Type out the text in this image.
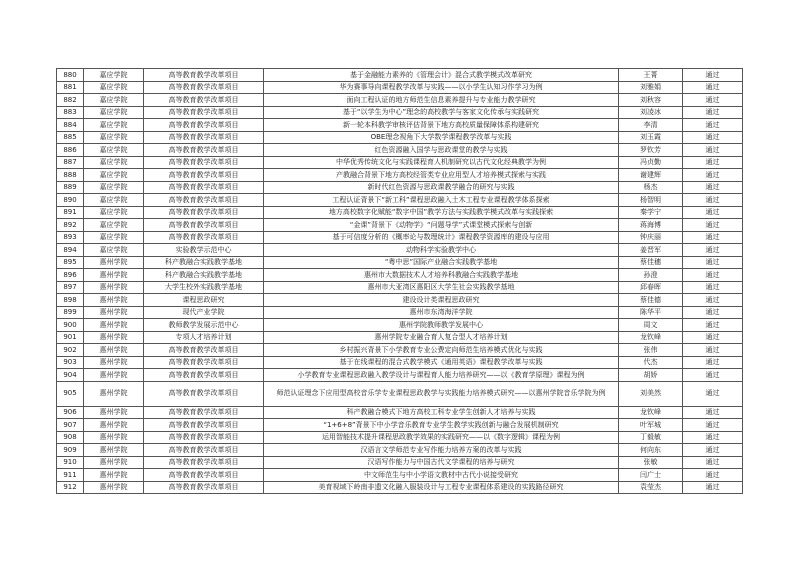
880	嘉应学院	高等教育教学改革项目	基于金融能力素养的《管理会计》混合式教学模式改革研究	王菁	通过
881	嘉应学院	高等教育教学改革项目	华为赛事导向课程教学改革与实践——以小学生认知习作学习为例	刘雅娟	通过
882	嘉应学院	高等教育教学改革项目	面向工程认证的地方师范生信息素养提升与专业能力教学研究	刘秋容	通过
883	嘉应学院	高等教育教学改革项目	基于“以学生为中心”理念的高校教学与客家文化传承与实践研究	刘凌冰	通过
884	嘉应学院	高等教育教学改革项目	新一轮本科教学审核评估背景下地方高校质量保障体系构建研究	李清	通过
885	嘉应学院	高等教育教学改革项目	OBE理念视角下大学数学课程教学改革与实践	刘玉霞	通过
886	嘉应学院	高等教育教学改革项目	红色资源融入国学与思政课堂的教学与实践	罗钦芳	通过
887	嘉应学院	高等教育教学改革项目	中华优秀传统文化与实践课程育人机制研究以古代文化经典教学为例	冯贞勤	通过
888	嘉应学院	高等教育教学改革项目	产教融合背景下地方高校经管类专业应用型人才培养模式探索与实践	谢建辉	通过
889	嘉应学院	高等教育教学改革项目	新时代红色资源与思政课教学融合的研究与实践	杨杰	通过
890	嘉应学院	高等教育教学改革项目	工程认证背景下“新工科”课程思政融入土木工程专业课程教学体系探索	杨智明	通过
891	嘉应学院	高等教育教学改革项目	地方高校数字化赋能“数字中国”教学方法与实践教学模式改革与实践探索	秦学宁	通过
892	嘉应学院	高等教育教学改革项目	“金课”背景下《动物学》“问题导学”式课堂模式探索与创新	蒋海博	通过
893	嘉应学院	高等教育教学改革项目	基于可信度分析的《概率论与数理统计》课程教学资源库的建设与应用	钟庆丽	通过
894	嘉应学院	实验教学示范中心	动物科学实验教学中心	姜晋军	通过
895	惠州学院	科产教融合实践教学基地	“粤中思”国际产业融合实践教学基地	蔡佳穗	通过
896	惠州学院	科产教融合实践教学基地	惠州市大数据技术人才培养科教融合实践教学基地	孙澄	通过
897	惠州学院	大学生校外实践教学基地	惠州市大亚湾区惠阳区大学生社会实践教学基地	邱春晖	通过
898	惠州学院	课程思政研究	建设设计类课程思政研究	蔡佳德	通过
899	惠州学院	现代产业学院	惠州市东湾海洋学院	陈华平	通过
900	惠州学院	教师教学发展示范中心	惠州学院教师教学发展中心	周文	通过
901	惠州学院	专项人才培养计划	惠州学院专业融合育人复合型人才培养计划	龙钦峰	通过
902	惠州学院	高等教育教学改革项目	乡村振兴背景下小学教育专业公费定向师范生培养模式优化与实践	张伟	通过
903	惠州学院	高等教育教学改革项目	基于在线课程的混合式教学模式《通用英语》课程教学改革与实践	代杰	通过
904	惠州学院	高等教育教学改革项目	小学教育专业课程思政融入教学设计与课程育人能力培养研究——以《教育学原理》课程为例	胡娇	通过
905	惠州学院	高等教育教学改革项目	师范认证理念下应用型高校音乐学专业课程思政教学与实践能力培养模式研究——以惠州学院音乐学院为例	刘美然	通过
906	惠州学院	高等教育教学改革项目	科产教融合模式下地方高校工科专业学生创新人才培养与实践	龙钦峰	通过
907	惠州学院	高等教育教学改革项目	“1+6+8”背景下中小学音乐教育专业学生教学实践创新与融合发展机制研究	叶军城	通过
908	惠州学院	高等教育教学改革项目	运用智能技术提升课程思政教学效果的实践研究——以《数字逻辑》课程为例	丁毅敏	通过
909	惠州学院	高等教育教学改革项目	汉语言文学师范专业写作能力培养方案的改革与实践	何向东	通过
910	惠州学院	高等教育教学改革项目	汉语写作能力与中国古代文学课程的培养与研究	张敏	通过
911	惠州学院	高等教育教学改革项目	中文师范生与中小学语文教材中古代小说接受研究	闫广士	通过
912	惠州学院	高等教育教学改革项目	美育视域下岭南非遗文化融入服装设计与工程专业课程体系建设的实践路径研究	袁莹杰	通过
